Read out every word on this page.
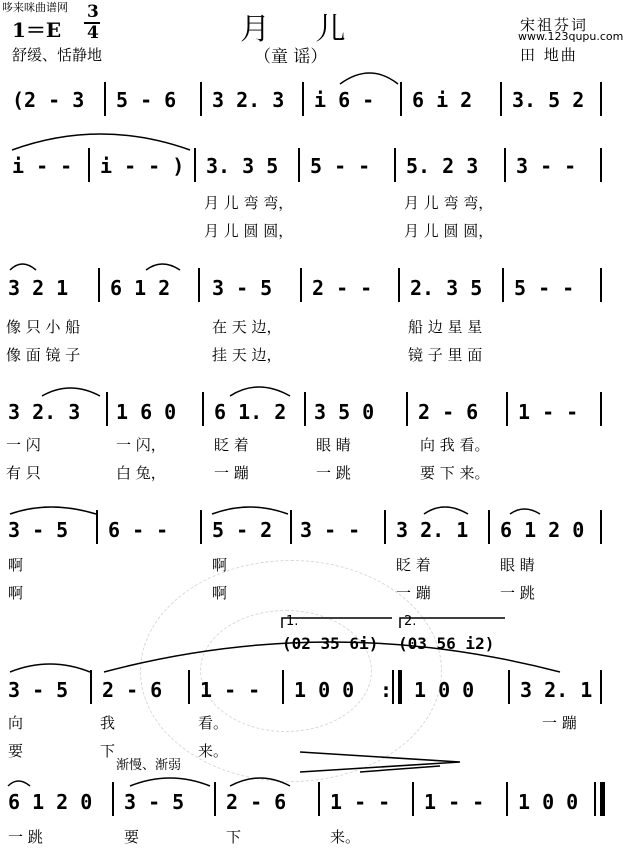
哆来咪曲谱网
www.123qupu.com
1＝E
3
4	月 儿	宋祖芬词
田 地曲
舒缓、恬静地	（童 谣）
(2 - 3 5 - 6 3 2. 3 i 6 - 6 i 2 3. 5 2
i - - i - - ) 3. 3 5 5 - - 5. 2 3 3 - -
月 儿 弯 弯，	月 儿 弯 弯，
月 儿 圆 圆，	月 儿 圆 圆，
3 2 1 6 1 2 3 - 5 2 - - 2. 3 5 5 - -
像 只 小 船	在 天 边，	船 边 星 星
像 面 镜 子	挂 天 边，	镜 子 里 面
3 2. 3 1 6 0 6 1. 2 3 5 0 2 - 6 1 - -
一 闪	一 闪，	眨 着	眼 睛	向 我 看。
有 只	白 兔，	一 蹦	一 跳	要 下 来。
3 - 5 6 - - 5 - 2 3 - - 3 2. 1 6 1 2 0
啊	啊	眨 着	眼 睛
啊	啊	一 蹦	一 跳
1.	2.
(02 35 6i) (03 56 i2)
3 - 5 2 - 6 1 - - 1 0 0 : 1 0 0 3 2. 1
向	我	看。	一 蹦
要	下	来。
渐慢、渐弱
6 1 2 0 3 - 5 2 - 6 1 - - 1 - - 1 0 0
一 跳	要	下	来。
